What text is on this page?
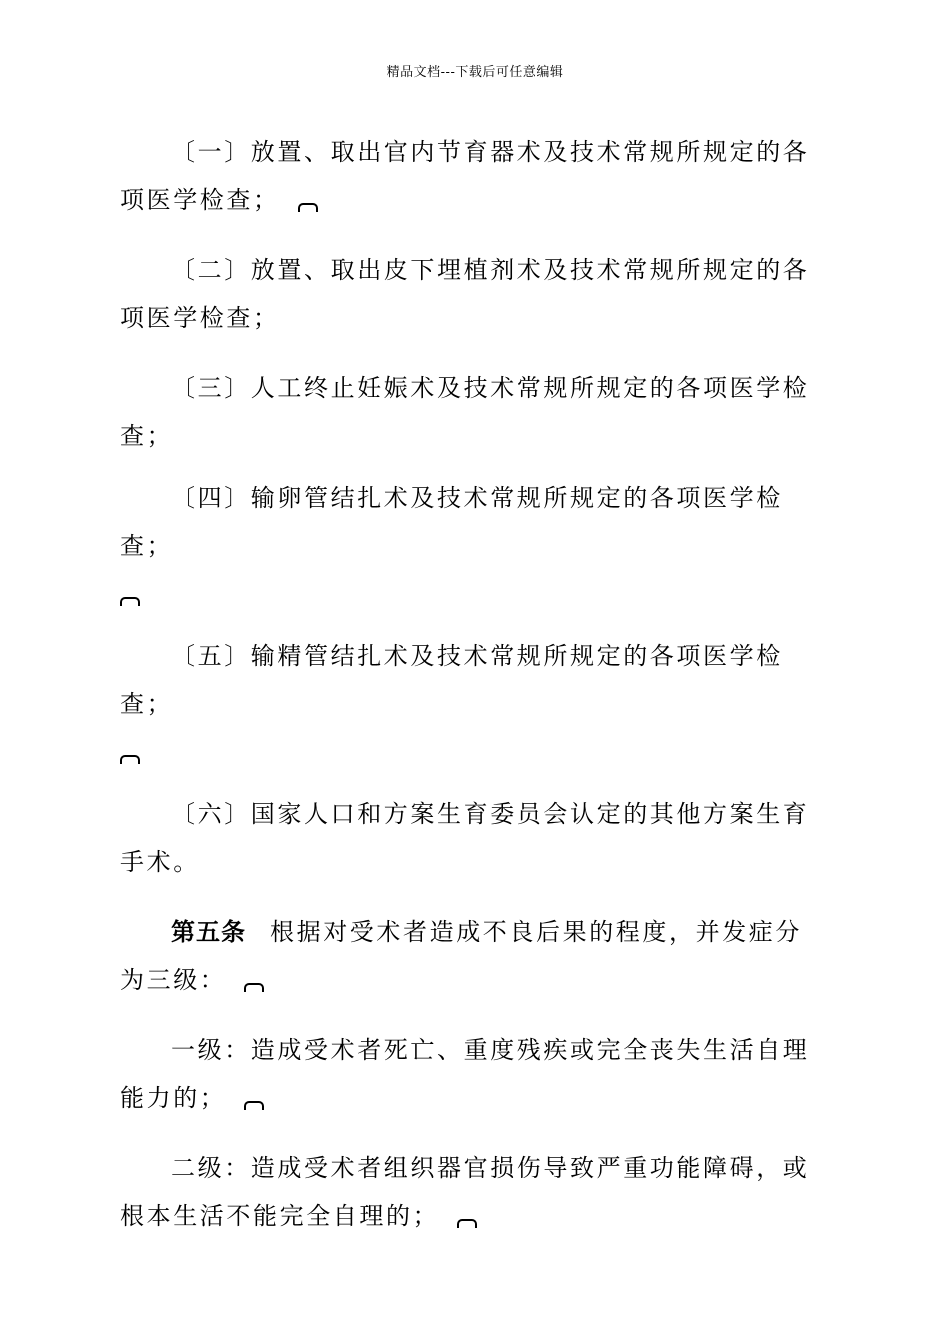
精品文档---下载后可任意编辑

〔一〕放置、取出官内节育器术及技术常规所规定的各项医学检查；

〔二〕放置、取出皮下埋植剂术及技术常规所规定的各项医学检查；

〔三〕人工终止妊娠术及技术常规所规定的各项医学检查；

〔四〕输卵管结扎术及技术常规所规定的各项医学检查；

〔五〕输精管结扎术及技术常规所规定的各项医学检查；

〔六〕国家人口和方案生育委员会认定的其他方案生育手术。

第五条 根据对受术者造成不良后果的程度，并发症分为三级：

一级：造成受术者死亡、重度残疾或完全丧失生活自理能力的；

二级：造成受术者组织器官损伤导致严重功能障碍，或根本生活不能完全自理的；
